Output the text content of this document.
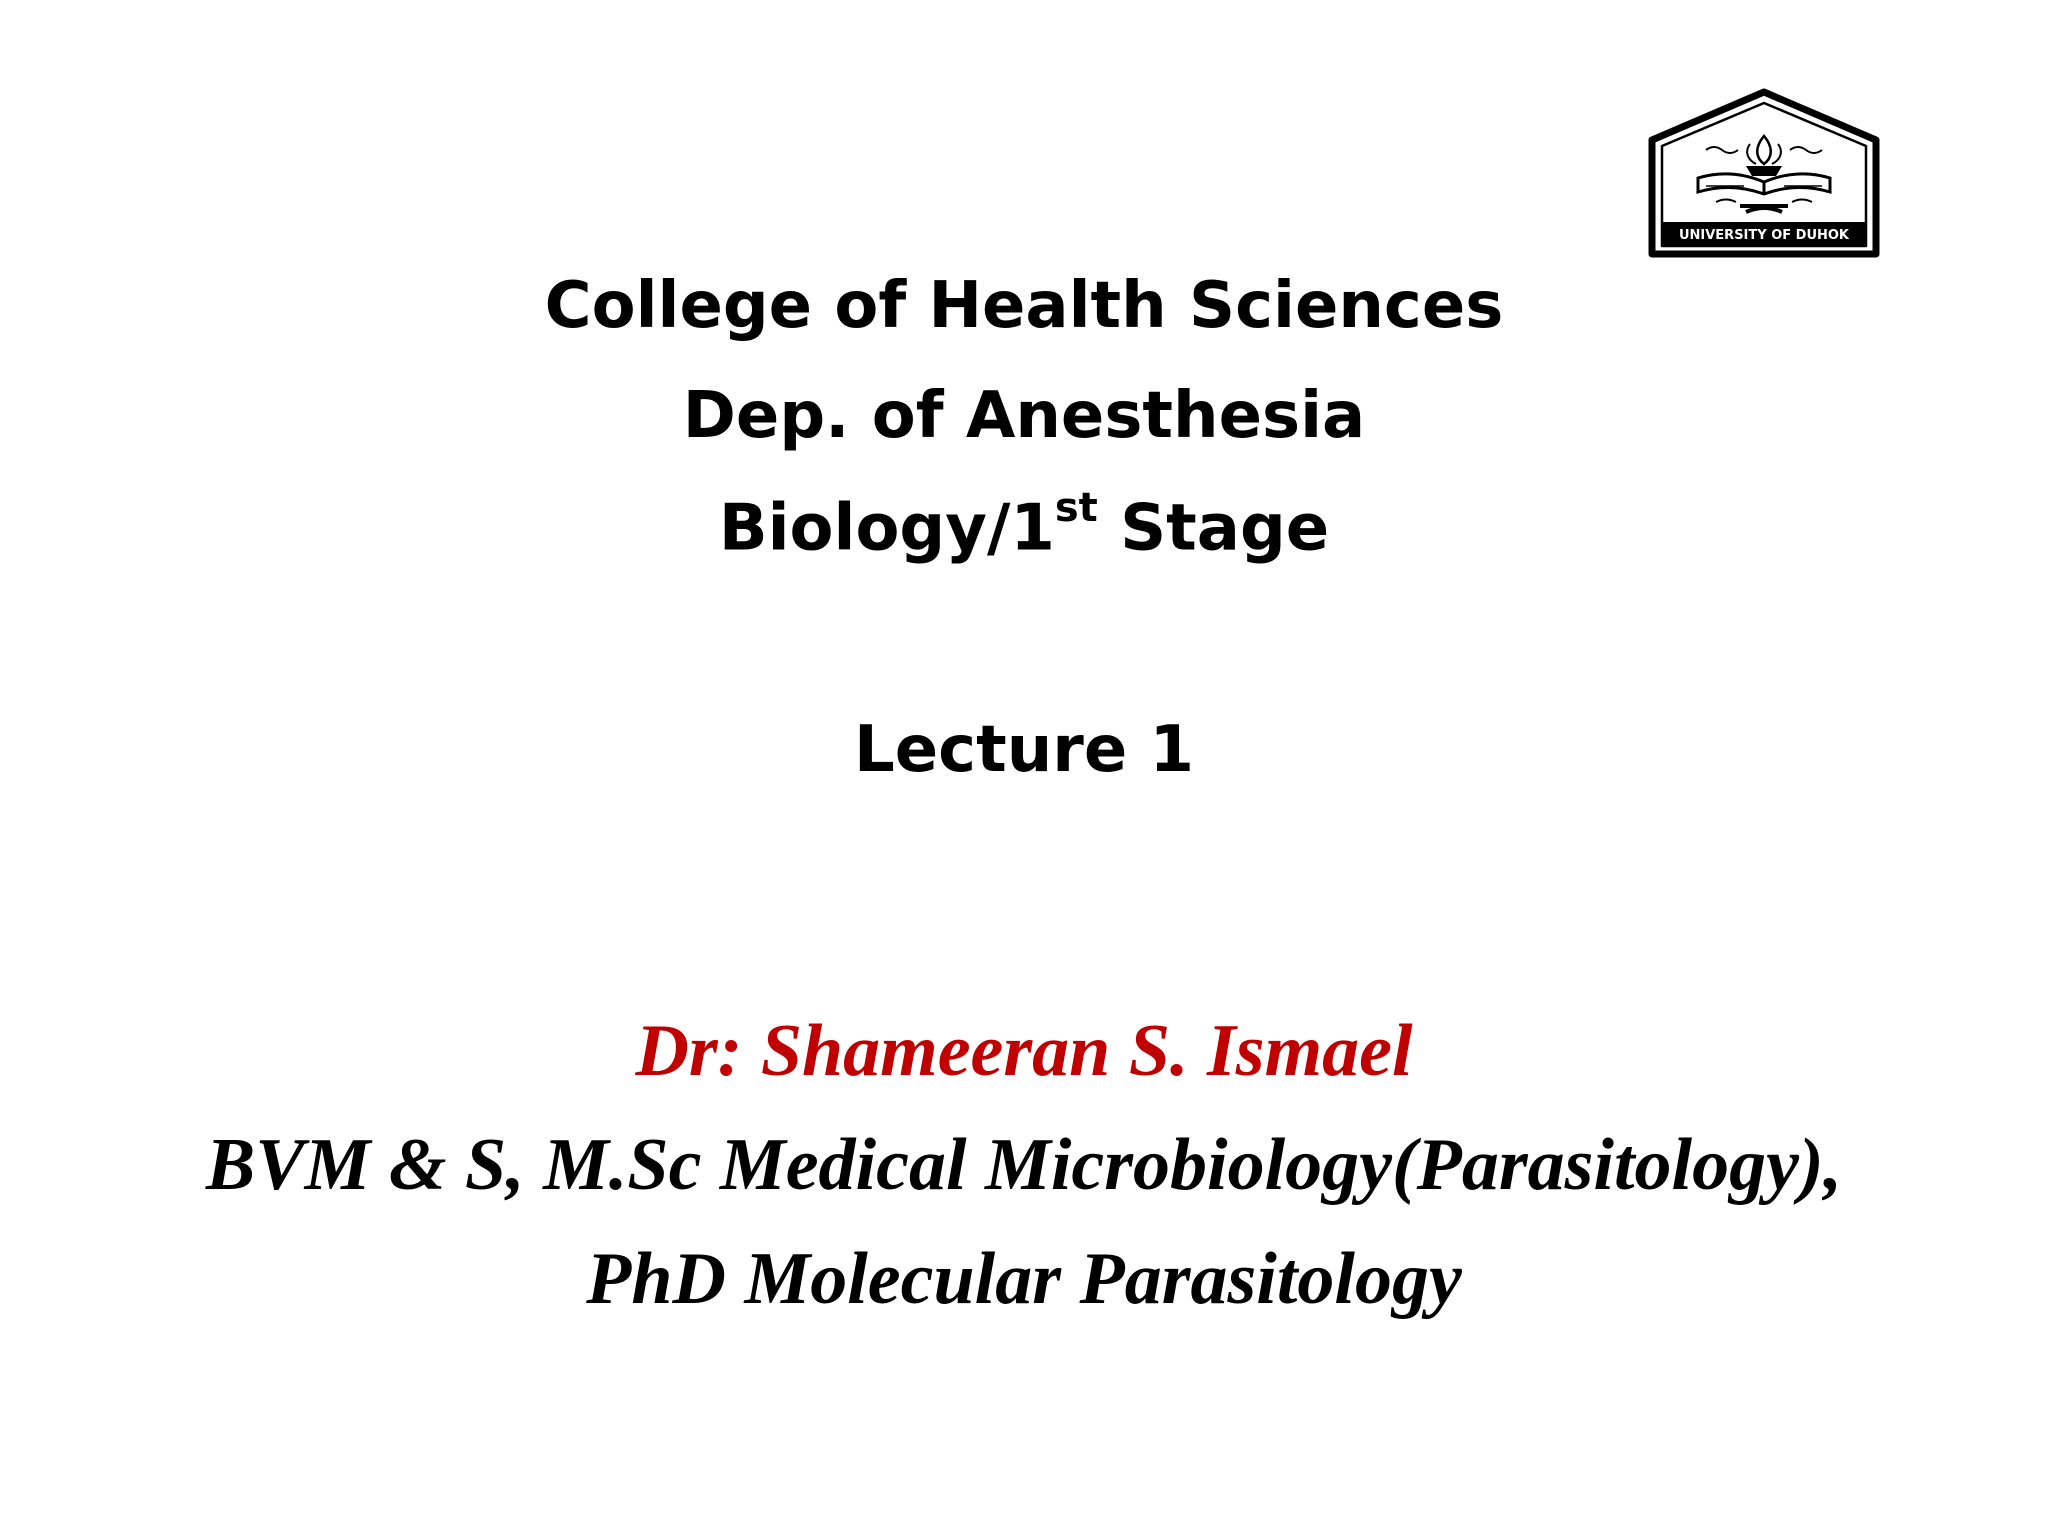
UNIVERSITY OF DUHOK
College of Health Sciences
Dep. of Anesthesia
Biology/1st Stage
Lecture 1
Dr: Shameeran S. Ismael
BVM & S, M.Sc Medical Microbiology(Parasitology),
PhD Molecular Parasitology
